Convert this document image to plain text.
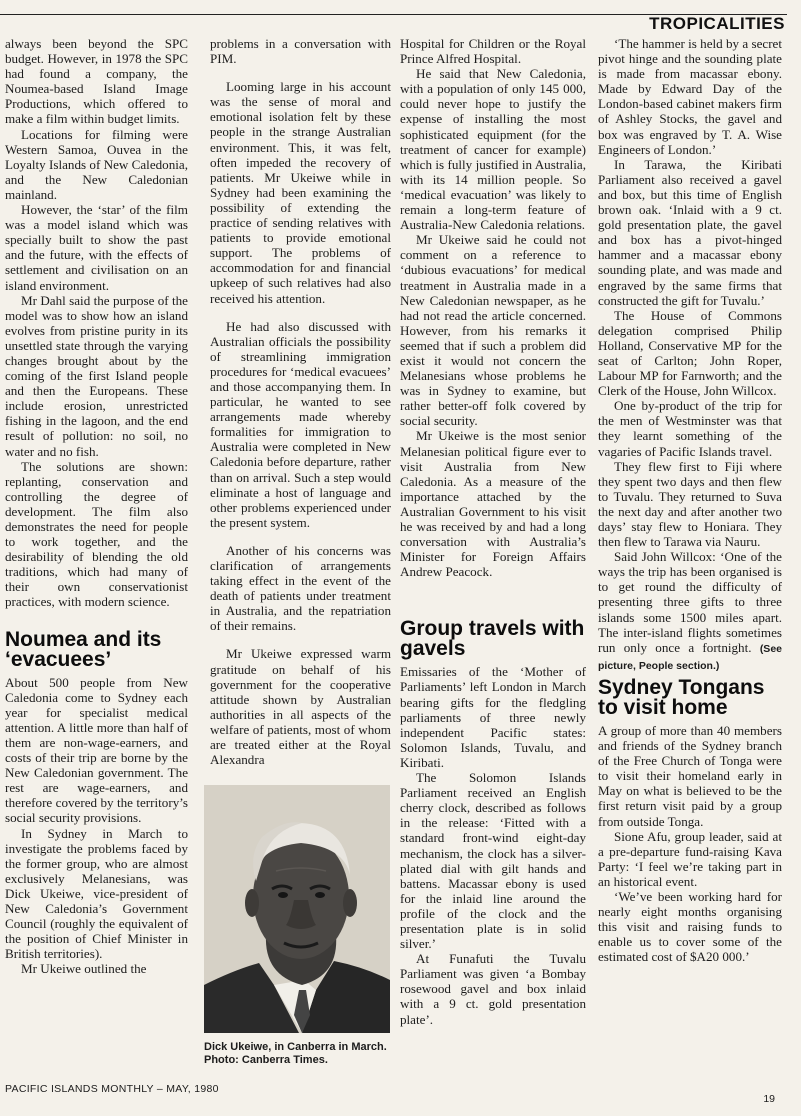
TROPICALITIES

always been beyond the SPC budget. However, in 1978 the SPC had found a company, the Noumea-based Island Image Productions, which offered to make a film within budget limits.

Locations for filming were Western Samoa, Ouvea in the Loyalty Islands of New Caledonia, and the New Caledonian mainland.

However, the ‘star’ of the film was a model island which was specially built to show the past and the future, with the effects of settlement and civilisation on an island environment.

Mr Dahl said the purpose of the model was to show how an island evolves from pristine purity in its unsettled state through the varying changes brought about by the coming of the first Island people and then the Europeans. These include erosion, unrestricted fishing in the lagoon, and the end result of pollution: no soil, no water and no fish.

The solutions are shown: replanting, conservation and controlling the degree of development. The film also demonstrates the need for people to work together, and the desirability of blending the old traditions, which had many of their own conservationist practices, with modern science.

Noumea and its ‘evacuees’

About 500 people from New Caledonia come to Sydney each year for specialist medical attention. A little more than half of them are non-wage-earners, and costs of their trip are borne by the New Caledonian government. The rest are wage-earners, and therefore covered by the territory’s social security provisions.

In Sydney in March to investigate the problems faced by the former group, who are almost exclusively Melanesians, was Dick Ukeiwe, vice-president of New Caledonia’s Government Council (roughly the equivalent of the position of Chief Minister in British territories).

Mr Ukeiwe outlined the

problems in a conversation with PIM.

Looming large in his account was the sense of moral and emotional isolation felt by these people in the strange Australian environment. This, it was felt, often impeded the recovery of patients. Mr Ukeiwe while in Sydney had been examining the possibility of extending the practice of sending relatives with patients to provide emotional support. The problems of accommodation for and financial upkeep of such relatives had also received his attention.

He had also discussed with Australian officials the possibility of streamlining immigration procedures for ‘medical evacuees’ and those accompanying them. In particular, he wanted to see arrangements made whereby formalities for immigration to Australia were completed in New Caledonia before departure, rather than on arrival. Such a step would eliminate a host of language and other problems experienced under the present system.

Another of his concerns was clarification of arrangements taking effect in the event of the death of patients under treatment in Australia, and the repatriation of their remains.

Mr Ukeiwe expressed warm gratitude on behalf of his government for the cooperative attitude shown by Australian authorities in all aspects of the welfare of patients, most of whom are treated either at the Royal Alexandra

Dick Ukeiwe, in Canberra in March. Photo: Canberra Times.

Hospital for Children or the Royal Prince Alfred Hospital.

He said that New Caledonia, with a population of only 145 000, could never hope to justify the expense of installing the most sophisticated equipment (for the treatment of cancer for example) which is fully justified in Australia, with its 14 million people. So ‘medical evacuation’ was likely to remain a long-term feature of Australia-New Caledonia relations.

Mr Ukeiwe said he could not comment on a reference to ‘dubious evacuations’ for medical treatment in Australia made in a New Caledonian newspaper, as he had not read the article concerned. However, from his remarks it seemed that if such a problem did exist it would not concern the Melanesians whose problems he was in Sydney to examine, but rather better-off folk covered by social security.

Mr Ukeiwe is the most senior Melanesian political figure ever to visit Australia from New Caledonia. As a measure of the importance attached by the Australian Government to his visit he was received by and had a long conversation with Australia’s Minister for Foreign Affairs Andrew Peacock.

Group travels with gavels

Emissaries of the ‘Mother of Parliaments’ left London in March bearing gifts for the fledgling parliaments of three newly independent Pacific states: Solomon Islands, Tuvalu, and Kiribati.

The Solomon Islands Parliament received an English cherry clock, described as follows in the release: ‘Fitted with a standard front-wind eight-day mechanism, the clock has a silver-plated dial with gilt hands and battens. Macassar ebony is used for the inlaid line around the profile of the clock and the presentation plate is in solid silver.’

At Funafuti the Tuvalu Parliament was given ‘a Bombay rosewood gavel and box inlaid with a 9 ct. gold presentation plate’.

‘The hammer is held by a secret pivot hinge and the sounding plate is made from macassar ebony. Made by Edward Day of the London-based cabinet makers firm of Ashley Stocks, the gavel and box was engraved by T. A. Wise Engineers of London.’

In Tarawa, the Kiribati Parliament also received a gavel and box, but this time of English brown oak. ‘Inlaid with a 9 ct. gold presentation plate, the gavel and box has a pivot-hinged hammer and a macassar ebony sounding plate, and was made and engraved by the same firms that constructed the gift for Tuvalu.’

The House of Commons delegation comprised Philip Holland, Conservative MP for the seat of Carlton; John Roper, Labour MP for Farnworth; and the Clerk of the House, John Willcox.

One by-product of the trip for the men of Westminster was that they learnt something of the vagaries of Pacific Islands travel.

They flew first to Fiji where they spent two days and then flew to Tuvalu. They returned to Suva the next day and after another two days’ stay flew to Honiara. They then flew to Tarawa via Nauru.

Said John Willcox: ‘One of the ways the trip has been organised is to get round the difficulty of presenting three gifts to three islands some 1500 miles apart. The inter-island flights sometimes run only once a fortnight. (See picture, People section.)

Sydney Tongans to visit home

A group of more than 40 members and friends of the Sydney branch of the Free Church of Tonga were to visit their homeland early in May on what is believed to be the first return visit paid by a group from outside Tonga.

Sione Afu, group leader, said at a pre-departure fund-raising Kava Party: ‘I feel we’re taking part in an historical event.

‘We’ve been working hard for nearly eight months organising this visit and raising funds to enable us to cover some of the estimated cost of $A20 000.’

PACIFIC ISLANDS MONTHLY – MAY, 1980
19
